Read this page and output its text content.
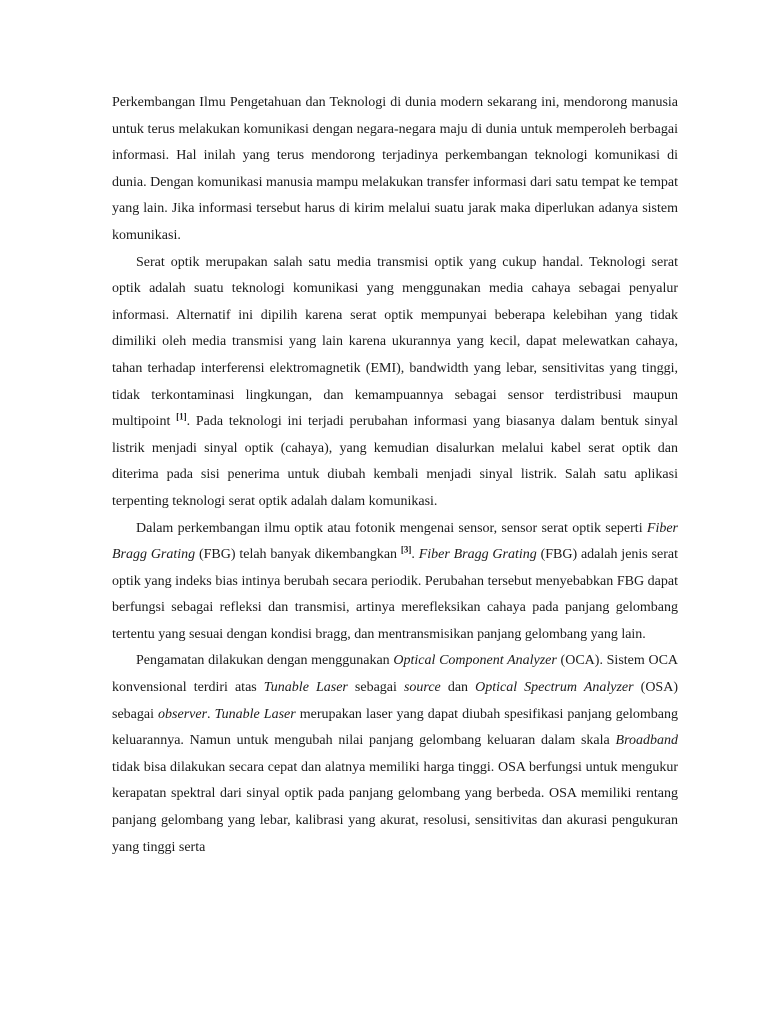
Perkembangan Ilmu Pengetahuan dan Teknologi di dunia modern sekarang ini, mendorong manusia untuk terus melakukan komunikasi dengan negara-negara maju di dunia untuk memperoleh berbagai informasi. Hal inilah yang terus mendorong terjadinya perkembangan teknologi komunikasi di dunia. Dengan komunikasi manusia mampu melakukan transfer informasi dari satu tempat ke tempat yang lain. Jika informasi tersebut harus di kirim melalui suatu jarak maka diperlukan adanya sistem komunikasi.

Serat optik merupakan salah satu media transmisi optik yang cukup handal. Teknologi serat optik adalah suatu teknologi komunikasi yang menggunakan media cahaya sebagai penyalur informasi. Alternatif ini dipilih karena serat optik mempunyai beberapa kelebihan yang tidak dimiliki oleh media transmisi yang lain karena ukurannya yang kecil, dapat melewatkan cahaya, tahan terhadap interferensi elektromagnetik (EMI), bandwidth yang lebar, sensitivitas yang tinggi, tidak terkontaminasi lingkungan, dan kemampuannya sebagai sensor terdistribusi maupun multipoint [1]. Pada teknologi ini terjadi perubahan informasi yang biasanya dalam bentuk sinyal listrik menjadi sinyal optik (cahaya), yang kemudian disalurkan melalui kabel serat optik dan diterima pada sisi penerima untuk diubah kembali menjadi sinyal listrik. Salah satu aplikasi terpenting teknologi serat optik adalah dalam komunikasi.

Dalam perkembangan ilmu optik atau fotonik mengenai sensor, sensor serat optik seperti Fiber Bragg Grating (FBG) telah banyak dikembangkan [3]. Fiber Bragg Grating (FBG) adalah jenis serat optik yang indeks bias intinya berubah secara periodik. Perubahan tersebut menyebabkan FBG dapat berfungsi sebagai refleksi dan transmisi, artinya merefleksikan cahaya pada panjang gelombang tertentu yang sesuai dengan kondisi bragg, dan mentransmisikan panjang gelombang yang lain.

Pengamatan dilakukan dengan menggunakan Optical Component Analyzer (OCA). Sistem OCA konvensional terdiri atas Tunable Laser sebagai source dan Optical Spectrum Analyzer (OSA) sebagai observer. Tunable Laser merupakan laser yang dapat diubah spesifikasi panjang gelombang keluarannya. Namun untuk mengubah nilai panjang gelombang keluaran dalam skala Broadband tidak bisa dilakukan secara cepat dan alatnya memiliki harga tinggi. OSA berfungsi untuk mengukur kerapatan spektral dari sinyal optik pada panjang gelombang yang berbeda. OSA memiliki rentang panjang gelombang yang lebar, kalibrasi yang akurat, resolusi, sensitivitas dan akurasi pengukuran yang tinggi serta
